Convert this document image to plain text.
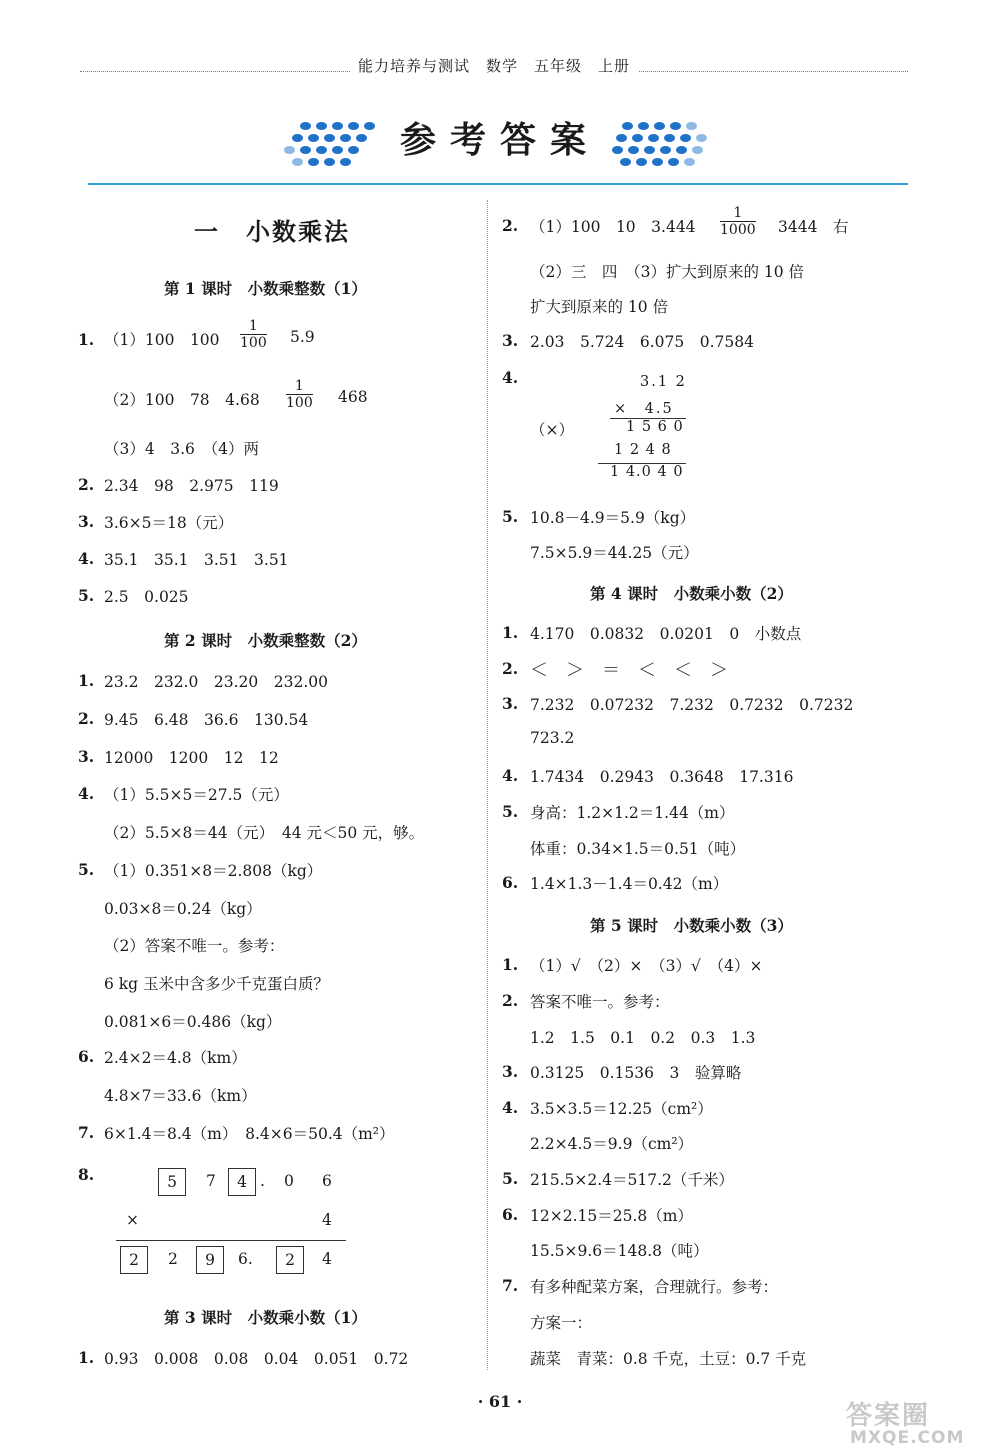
能力培养与测试　数学　五年级　上册
参考答案
一　小数乘法
第 1 课时　小数乘整数（1）
1. （1）100　$100 \frac{1}{100} 5.9$
（2）100　78　$4.68 \frac{1}{100} 468$
（3）4　3.6　（4）两
2. 2.34　98　2.975　119
3. 3.6×5＝18（元）
4. 35.1　35.1　3.51　3.51
5. 2.5　0.025
第 2 课时　小数乘整数（2）
1. 23.2　232.0　23.20　232.00
2. 9.45　6.48　36.6　130.54
3. 12000　1200　12　12
4. （1）5.5×5＝27.5（元）
（2）5.5×8＝44（元）　44 元＜50 元，够。
5. （1）0.351×8＝2.808（kg）
0.03×8＝0.24（kg）
（2）答案不唯一。参考：
6 kg 玉米中含多少千克蛋白质？
0.081×6＝0.486（kg）
6. 2.4×2＝4.8（km）
4.8×7＝33.6（km）
7. 6×1.4＝8.4（m）　8.4×6＝50.4（m²）
8.	5	7	4 . 0 6
×	4
2	2	9	6.	2	4
第 3 课时　小数乘小数（1）
1. 0.93　0.008　0.08　0.04　0.051　0.72
2. （1）100　10　$3.444 \frac{1}{1000} 3444$　右
（2）三　四　（3）扩大到原来的 10 倍
扩大到原来的 10 倍
3. 2.03　5.724　6.075　0.7584
4.
（×）
3.1 2
×　4.5
1 5 6 0
1 2 4 8
1 4.0 4 0
5. 10.8－4.9＝5.9（kg）
7.5×5.9＝44.25（元）
第 4 课时　小数乘小数（2）
1. 4.170　0.0832　0.0201　0　小数点
2. ＜　＞　＝　＜　＜　＞
3. 7.232　0.07232　7.232　0.7232　0.7232
723.2
4. 1.7434　0.2943　0.3648　17.316
5. 身高：1.2×1.2＝1.44（m）
体重：0.34×1.5＝0.51（吨）
6. 1.4×1.3－1.4＝0.42（m）
第 5 课时　小数乘小数（3）
1. （1）√　（2）×　（3）√　（4）×
2. 答案不唯一。参考：
1.2　1.5　0.1　0.2　0.3　1.3
3. 0.3125　0.1536　3　验算略
4. 3.5×3.5＝12.25（cm²）
2.2×4.5＝9.9（cm²）
5. 215.5×2.4＝517.2（千米）
6. 12×2.15＝25.8（m）
15.5×9.6＝148.8（吨）
7. 有多种配菜方案，合理就行。参考：
方案一：
蔬菜　青菜：0.8 千克，土豆：0.7 千克
· 61 ·	答案圈
MXQE.COM
